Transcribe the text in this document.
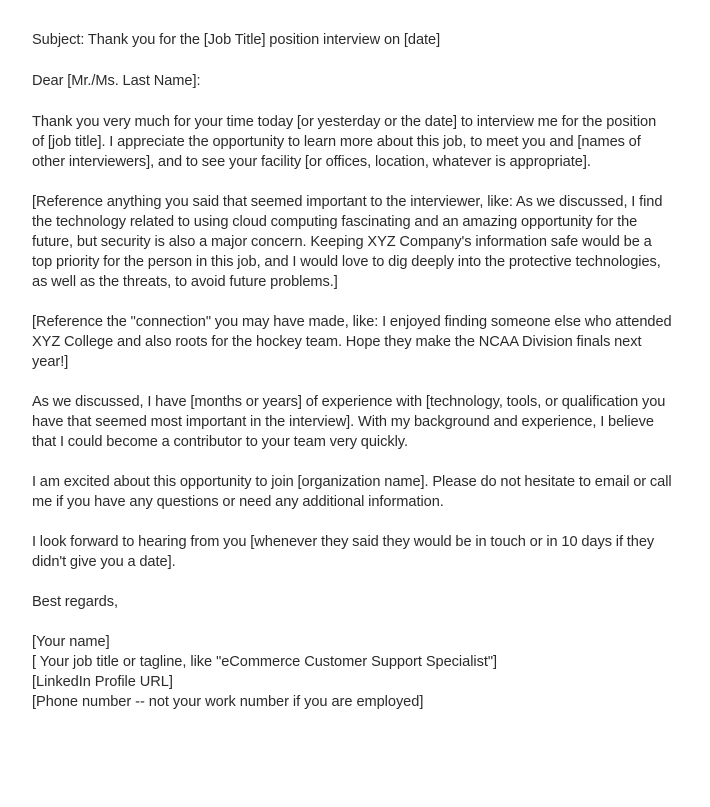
Subject: Thank you for the [Job Title] position interview on [date]

Dear [Mr./Ms. Last Name]:

Thank you very much for your time today [or yesterday or the date] to interview me for the position of [job title]. I appreciate the opportunity to learn more about this job, to meet you and [names of other interviewers], and to see your facility [or offices, location, whatever is appropriate].

[Reference anything you said that seemed important to the interviewer, like: As we discussed, I find the technology related to using cloud computing fascinating and an amazing opportunity for the future, but security is also a major concern. Keeping XYZ Company's information safe would be a top priority for the person in this job, and I would love to dig deeply into the protective technologies, as well as the threats, to avoid future problems.]

[Reference the "connection" you may have made, like: I enjoyed finding someone else who attended XYZ College and also roots for the hockey team. Hope they make the NCAA Division finals next year!]

As we discussed, I have [months or years] of experience with [technology, tools, or qualification you have that seemed most important in the interview]. With my background and experience, I believe that I could become a contributor to your team very quickly.

I am excited about this opportunity to join [organization name]. Please do not hesitate to email or call me if you have any questions or need any additional information.

I look forward to hearing from you [whenever they said they would be in touch or in 10 days if they didn't give you a date].

Best regards,

[Your name]

[ Your job title or tagline, like "eCommerce Customer Support Specialist"]

[LinkedIn Profile URL]

[Phone number -- not your work number if you are employed]
